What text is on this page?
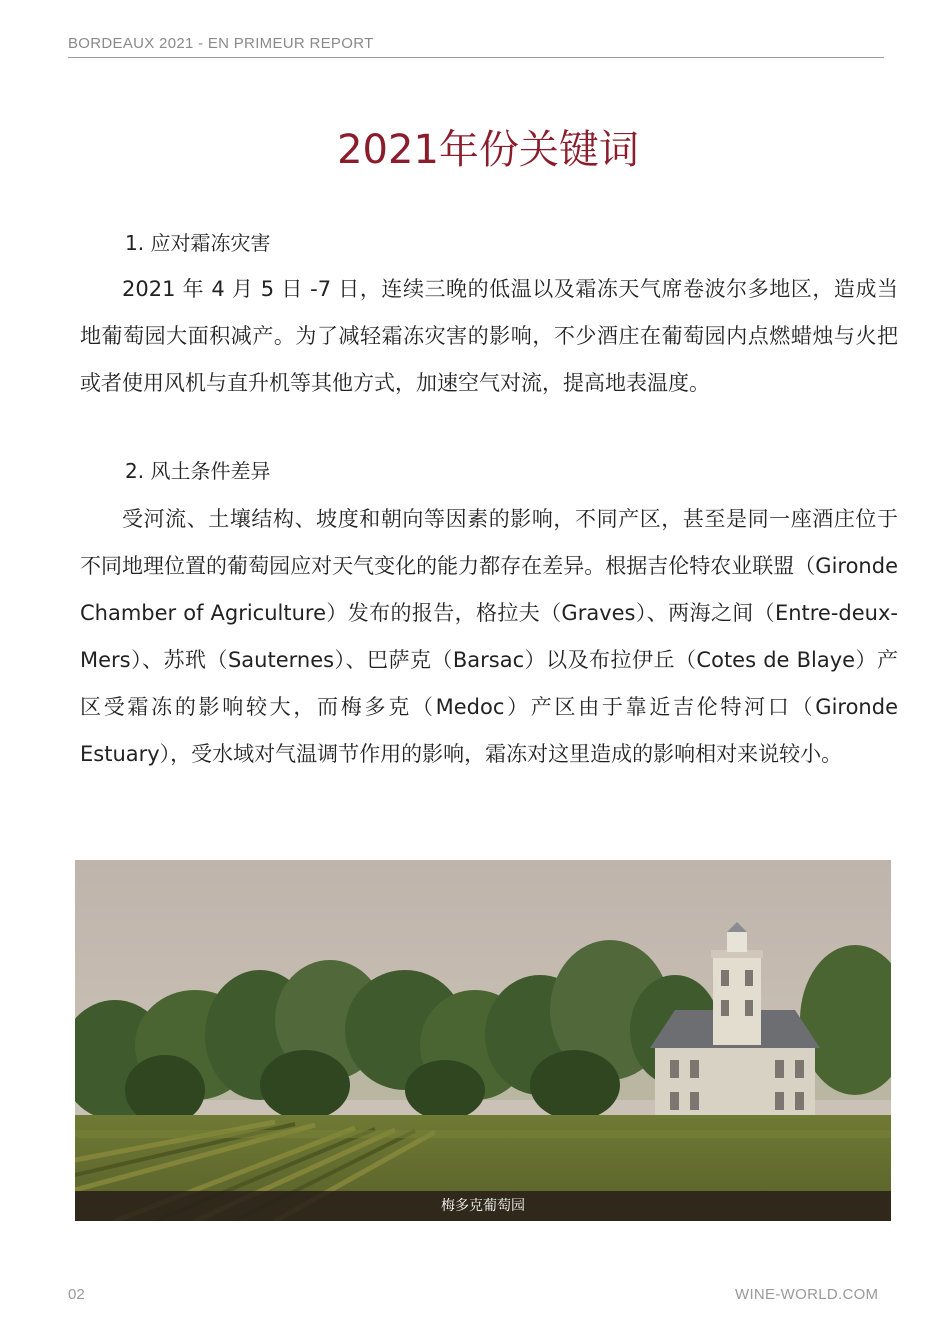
BORDEAUX 2021 - EN PRIMEUR REPORT
2021年份关键词
1. 应对霜冻灾害

2021 年 4 月 5 日 -7 日，连续三晚的低温以及霜冻天气席卷波尔多地区，造成当地葡萄园大面积减产。为了减轻霜冻灾害的影响，不少酒庄在葡萄园内点燃蜡烛与火把或者使用风机与直升机等其他方式，加速空气对流，提高地表温度。

2. 风土条件差异

受河流、土壤结构、坡度和朝向等因素的影响，不同产区，甚至是同一座酒庄位于不同地理位置的葡萄园应对天气变化的能力都存在差异。根据吉伦特农业联盟（Gironde Chamber of Agriculture）发布的报告，格拉夫（Graves）、两海之间（Entre-deux-Mers）、苏玳（Sauternes）、巴萨克（Barsac）以及布拉伊丘（Cotes de Blaye）产区受霜冻的影响较大，而梅多克（Medoc）产区由于靠近吉伦特河口（Gironde Estuary），受水域对气温调节作用的影响，霜冻对这里造成的影响相对来说较小。

梅多克葡萄园
02	WINE-WORLD.COM
